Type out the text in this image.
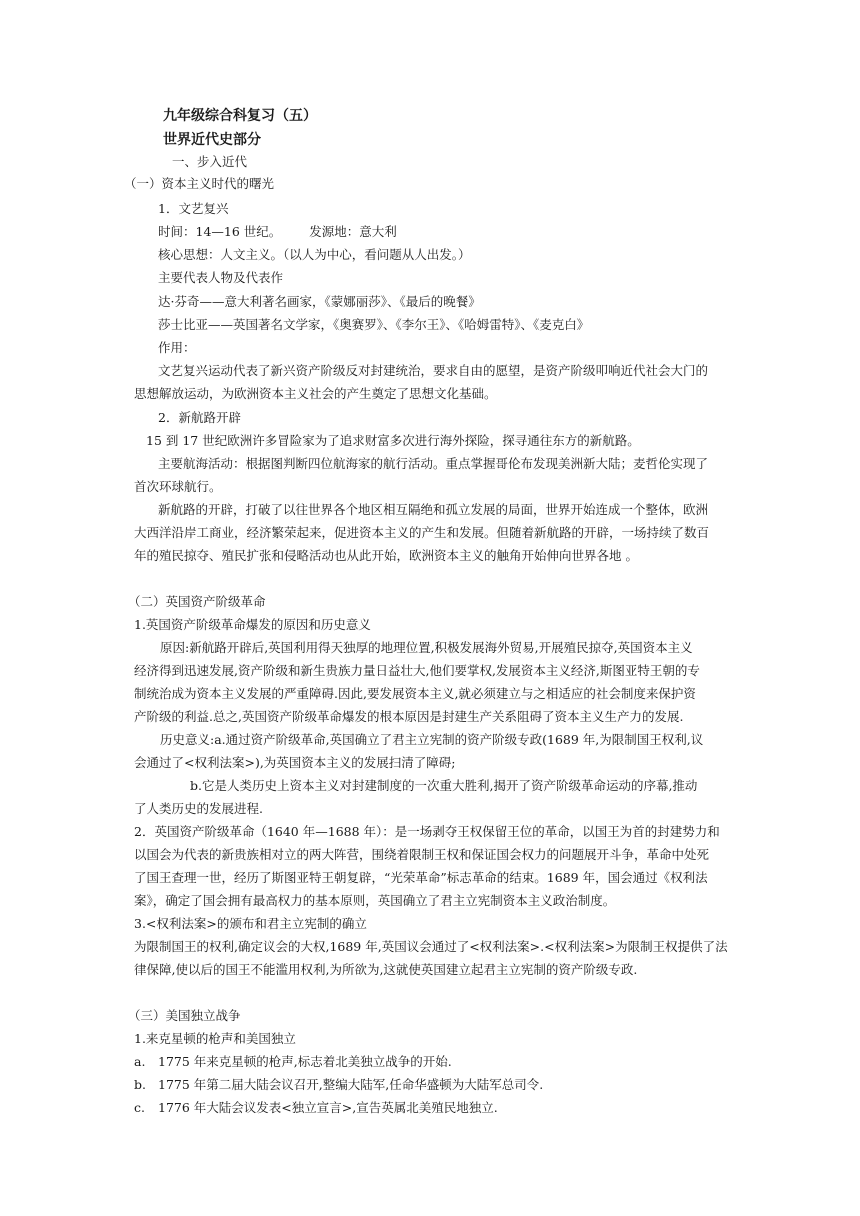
九年级综合科复习（五）
世界近代史部分
一、步入近代
（一）资本主义时代的曙光
1．文艺复兴
时间：14—16 世纪。 发源地：意大利
核心思想：人文主义。（以人为中心，看问题从人出发。）
主要代表人物及代表作
达·芬奇——意大利著名画家，《蒙娜丽莎》、《最后的晚餐》
莎士比亚——英国著名文学家，《奥赛罗》、《李尔王》、《哈姆雷特》、《麦克白》
作用：
文艺复兴运动代表了新兴资产阶级反对封建统治，要求自由的愿望，是资产阶级叩响近代社会大门的
思想解放运动，为欧洲资本主义社会的产生奠定了思想文化基础。
2．新航路开辟
15 到 17 世纪欧洲许多冒险家为了追求财富多次进行海外探险，探寻通往东方的新航路。
主要航海活动：根据图判断四位航海家的航行活动。重点掌握哥伦布发现美洲新大陆；麦哲伦实现了
首次环球航行。
新航路的开辟，打破了以往世界各个地区相互隔绝和孤立发展的局面，世界开始连成一个整体，欧洲
大西洋沿岸工商业，经济繁荣起来，促进资本主义的产生和发展。但随着新航路的开辟，一场持续了数百
年的殖民掠夺、殖民扩张和侵略活动也从此开始，欧洲资本主义的触角开始伸向世界各地 。
（二）英国资产阶级革命
1.英国资产阶级革命爆发的原因和历史意义
原因:新航路开辟后,英国利用得天独厚的地理位置,积极发展海外贸易,开展殖民掠夺,英国资本主义
经济得到迅速发展,资产阶级和新生贵族力量日益壮大,他们要掌权,发展资本主义经济,斯图亚特王朝的专
制统治成为资本主义发展的严重障碍.因此,要发展资本主义,就必须建立与之相适应的社会制度来保护资
产阶级的利益.总之,英国资产阶级革命爆发的根本原因是封建生产关系阻碍了资本主义生产力的发展.
历史意义:a.通过资产阶级革命,英国确立了君主立宪制的资产阶级专政(1689 年,为限制国王权利,议
会通过了<权利法案>),为英国资本主义的发展扫清了障碍;
b.它是人类历史上资本主义对封建制度的一次重大胜利,揭开了资产阶级革命运动的序幕,推动
了人类历史的发展进程.
2．英国资产阶级革命（1640 年—1688 年）：是一场剥夺王权保留王位的革命，以国王为首的封建势力和
以国会为代表的新贵族相对立的两大阵营，围绕着限制王权和保证国会权力的问题展开斗争，革命中处死
了国王查理一世，经历了斯图亚特王朝复辟，“光荣革命”标志革命的结束。1689 年，国会通过《权利法
案》，确定了国会拥有最高权力的基本原则，英国确立了君主立宪制资本主义政治制度。
3.<权利法案>的颁布和君主立宪制的确立
为限制国王的权利,确定议会的大权,1689 年,英国议会通过了<权利法案>.<权利法案>为限制王权提供了法
律保障,使以后的国王不能滥用权利,为所欲为,这就使英国建立起君主立宪制的资产阶级专政.
（三）美国独立战争
1.来克星顿的枪声和美国独立
a. 1775 年来克星顿的枪声,标志着北美独立战争的开始.
b. 1775 年第二届大陆会议召开,整编大陆军,任命华盛顿为大陆军总司令.
c. 1776 年大陆会议发表<独立宣言>,宣告英属北美殖民地独立.
